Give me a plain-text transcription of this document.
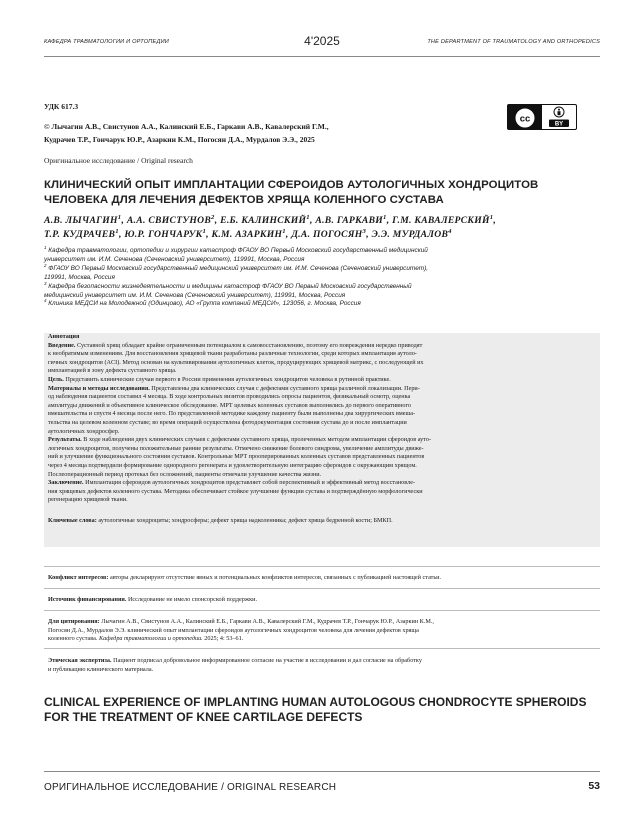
КАФЕДРА ТРАВМАТОЛОГИИ И ОРТОПЕДИИ	4'2025	THE DEPARTMENT OF TRAUMATOLOGY AND ORTHOPEDICS
УДК 617.3
© Лычагин А.В., Свистунов А.А., Калинский Е.Б., Гаркави А.В., Кавалерский Г.М.,
Кудрачев Т.Р., Гончарук Ю.Р., Азаркин К.М., Погосян Д.А., Мурдалов Э.Э., 2025
cc
BY
Оригинальное исследование / Original research
КЛИНИЧЕСКИЙ ОПЫТ ИМПЛАНТАЦИИ СФЕРОИДОВ АУТОЛОГИЧНЫХ ХОНДРОЦИТОВ
ЧЕЛОВЕКА ДЛЯ ЛЕЧЕНИЯ ДЕФЕКТОВ ХРЯЩА КОЛЕННОГО СУСТАВА
А.В. ЛЫЧАГИН$^1$, А.А. СВИСТУНОВ$^2$, Е.Б. КАЛИНСКИЙ$^1$, А.В. ГАРКАВИ$^1$, Г.М. КАВАЛЕРСКИЙ$^1$,
Т.Р. КУДРАЧЕВ$^1$, Ю.Р. ГОНЧАРУК$^1$, К.М. АЗАРКИН$^1$, Д.А. ПОГОСЯН$^3$, Э.Э. МУРДАЛОВ$^4$
$^1$ Кафедра травматологии, ортопедии и хирургии катастроф ФГАОУ ВО Первый Московский государственный медицинский
университет им. И.М. Сеченова (Сеченовский университет), 119991, Москва, Россия
$^2$ ФГАОУ ВО Первый Московский государственный медицинский университет им. И.М. Сеченова (Сеченовский университет),
119991, Москва, Россия
$^3$ Кафедра безопасности жизнедеятельности и медицины катастроф ФГАОУ ВО Первый Московский государственный
медицинский университет им. И.М. Сеченова (Сеченовский университет), 119991, Москва, Россия
$^4$ Клиника МЕДСИ на Молодежной (Одинцово), АО «Группа компаний МЕДСИ», 123056, г. Москва, Россия

Аннотация

Введение. Суставной хрящ обладает крайне ограниченным потенциалом к самовосстановлению, поэтому его повреждения нередко приводят

к необратимым изменениям. Для восстановления хрящевой ткани разработаны различные технологии, среди которых имплантация аутоло-

гичных хондроцитов (ACI). Метод основан на культивировании аутологичных клеток, продуцирующих хрящевой матрикс, с последующей их

имплантацией в зону дефекта суставного хряща.

Цель. Представить клинические случаи первого в России применения аутологичных хондроцитов человека в рутинной практике.

Материалы и методы исследования. Представлены два клинических случая с дефектами суставного хряща различной локализации. Пери-

од наблюдения пациентов составил 4 месяца. В ходе контрольных визитов проводились опросы пациентов, физикальный осмотр, оценка

амплитуды движений и объективное клиническое обследование. МРТ целевых коленных суставов выполнялись до первого оперативного

вмешательства и спустя 4 месяца после него. По представленной методике каждому пациенту были выполнены два хирургических вмеша-

тельства на целевом коленном суставе; во время операций осуществлена фотодокументация состояния сустава до и после имплантации

аутологичных хондросфер.

Результаты. В ходе наблюдения двух клинических случаев с дефектами суставного хряща, пролеченных методом имплантации сфероидов ауто-

логичных хондроцитов, получены положительные ранние результаты. Отмечено снижение болевого синдрома, увеличение амплитуды движе-

ний и улучшение функционального состояния суставов. Контрольные МРТ прооперированных коленных суставов представленных пациентов

через 4 месяца подтвердили формирование однородного регенерата и удовлетворительную интеграцию сфероидов с окружающим хрящом.

Послеоперационный период протекал без осложнений, пациенты отмечали улучшение качества жизни.

Заключение. Имплантация сфероидов аутологичных хондроцитов представляет собой перспективный и эффективный метод восстановле-

ния хрящевых дефектов коленного сустава. Методика обеспечивает стойкое улучшение функции сустава и подтверждённую морфологически

регенерацию хрящевой ткани.

Ключевые слова: аутологичные хондроциты; хондросферы; дефект хряща надколенника; дефект хряща бедренной кости; БМКП.

Конфликт интересов: авторы декларируют отсутствие явных и потенциальных конфликтов интересов, связанных с публикацией настоящей статьи.
Источник финансирования. Исследование не имело спонсорской поддержки.
Для цитирования: Лычагин А.В., Свистунов А.А., Калинский Е.Б., Гаркави А.В., Кавалерский Г.М., Кудрачев Т.Р., Гончарук Ю.Р., Азаркин К.М.,
Погосян Д.А., Мурдалов Э.Э. клинический опыт имплантации сфероидов аутологичных хондроцитов человека для лечения дефектов хряща
коленного сустава. Кафедра травматологии и ортопедии. 2025; 4: 53–61.
Этическая экспертиза. Пациент подписал добровольное информированное согласие на участие в исследовании и дал согласие на обработку
и публикацию клинического материала.
CLINICAL EXPERIENCE OF IMPLANTING HUMAN AUTOLOGOUS CHONDROCYTE SPHEROIDS
FOR THE TREATMENT OF KNEE CARTILAGE DEFECTS
ОРИГИНАЛЬНОЕ ИССЛЕДОВАНИЕ / ORIGINAL RESEARCH	53
